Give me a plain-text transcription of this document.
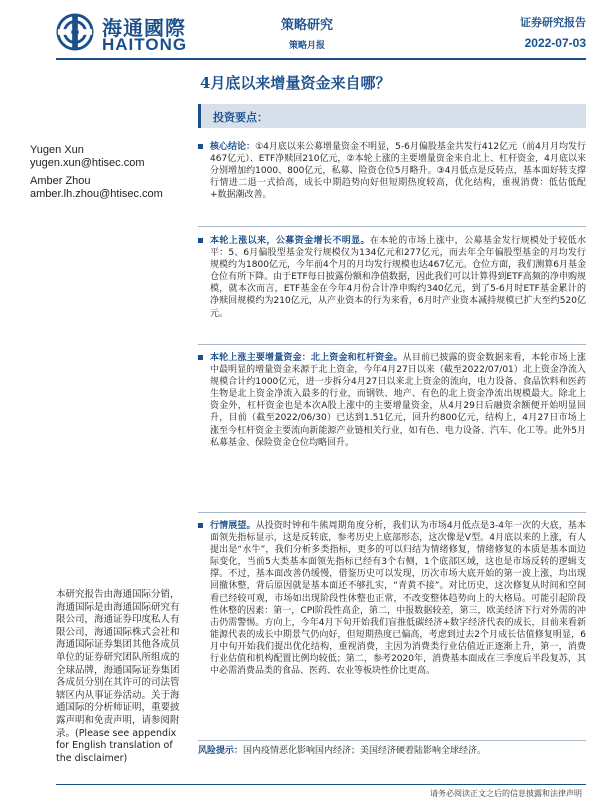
海通國際
HAITONG
策略研究
策略月报
证券研究报告
2022-07-03
4月底以来增量资金来自哪？
投资要点：
Yugen Xun
yugen.xun@htisec.com
Amber Zhou
amber.lh.zhou@htisec.com
核心结论：①4月底以来公募增量资金不明显，5-6月偏股基金共发行412亿元（前4月月均发行467亿元）、ETF净赎回210亿元，②本轮上涨的主要增量资金来自北上、杠杆资金，4月底以来分别增加约1000、800亿元，私募、险资仓位5月略升。③4月低点是反转点，基本面好转支撑行情进二退一式拾高，成长中期趋势向好但短期热度较高，优化结构，重视消费：低估低配+数据潮改善。
本轮上涨以来，公募资金增长不明显。在本轮的市场上涨中，公募基金发行规模处于较低水平：5、6月偏股型基金发行规模仅为134亿元和277亿元，而去年全年偏股型基金的月均发行规模约为1800亿元，今年前4个月的月均发行规模也达467亿元。仓位方面，我们测算6月基金仓位有所下降。由于ETF每日披露份额和净值数据，因此我们可以计算得到ETF高频的净申购规模，就本次而言，ETF基金在今年4月份合计净申购约340亿元，到了5-6月时ETF基金累计的净赎回规模约为210亿元，从产业资本的行为来看，6月时产业资本减持规模已扩大至约520亿元。
本轮上涨主要增量资金：北上资金和杠杆资金。从目前已披露的资金数据来看，本轮市场上涨中最明显的增量资金来源于北上资金，今年4月27日以来（截至2022/07/01）北上资金净流入规模合计约1000亿元，进一步拆分4月27日以来北上资金的流向，电力设备、食品饮料和医药生物是北上资金净流入最多的行业，而钢铁、地产、有色的北上资金净流出规模最大。除北上资金外，杠杆资金也是本次A股上涨中的主要增量资金，从4月29日后融资余额便开始明显回升，目前（截至2022/06/30）已达到1.51亿元，回升约800亿元，结构上，4月27日市场上涨至今杠杆资金主要流向新能源产业链相关行业，如有色、电力设备、汽车、化工等。此外5月私募基金、保险资金仓位均略回升。
行情展望。从投资时钟和牛熊周期角度分析，我们认为市场4月低点是3-4年一次的大底，基本面领先指标显示，这是反转底，参考历史上底部形态，这次像是V型。4月底以来的上涨，有人提出是“水牛”，我们分析多类指标，更多的可以归结为情绪修复，情绪修复的本质是基本面边际变化，当前5大类基本面领先指标已经有3个右侧，1个底部区域，这也是市场反转的逻辑支撑。不过，基本面改善仍缓慢，借鉴历史可以发现，历次市场大底开始的第一波上涨，均出现回撤休整，背后原因就是基本面还不够扎实，“青黄不接”。对比历史，这次修复从时间和空间看已经较可观，市场如出现阶段性休整也正常，不改变整体趋势向上的大格局。可能引起阶段性休整的因素：第一，CPI阶段性高企，第二，中报数据较差，第三，欧美经济下行对外需的冲击仍需警惕。方向上，今年4月下旬开始我们盲推低碳经济+数字经济代表的成长，目前来看新能源代表的成长中期景气仍向好，但短期热度已偏高，考虑到过去2个月成长估值修复明显，6月中旬开始我们提出优化结构，重视消费，主因为消费类行业估值近正逐渐上升，第一，消费行业估值和机构配置比例均较低；第二，参考2020年，消费基本面成在三季度后半段复苏，其中必需消费品类的食品、医药、农业等板块性价比更高。
风险提示：国内疫情恶化影响国内经济；美国经济硬着陆影响全球经济。
本研究报告由海通国际分销，海通国际是由海通国际研究有限公司，海通证券印度私人有限公司，海通国际株式会社和海通国际证券集团其他各成员单位的证券研究团队所组成的全球品牌，海通国际证券集团各成员分别在其许可的司法管辖区内从事证券活动。关于海通国际的分析师证明，重要披露声明和免责声明，请参阅附录。(Please see appendix for English translation of the disclaimer)
请务必阅读正文之后的信息披露和法律声明
